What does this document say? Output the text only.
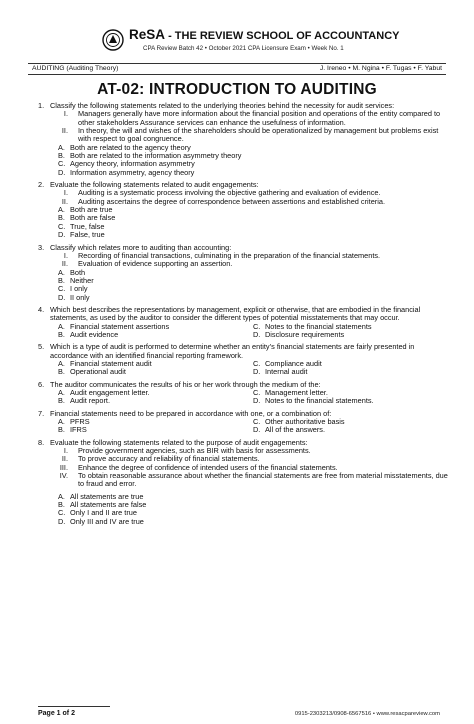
ReSA - THE REVIEW SCHOOL OF ACCOUNTANCY
CPA Review Batch 42 • October 2021 CPA Licensure Exam • Week No. 1
AUDITING (Auditing Theory)	J. Ireneo • M. Ngina • F. Tugas • F. Yabut
AT-02: INTRODUCTION TO AUDITING
1. Classify the following statements related to the underlying theories behind the necessity for audit services:
I. Managers generally have more information about the financial position and operations of the entity compared to other stakeholders Assurance services can enhance the usefulness of information.
II. In theory, the will and wishes of the shareholders should be operationalized by management but problems exist with respect to goal congruence.
A. Both are related to the agency theory
B. Both are related to the information asymmetry theory
C. Agency theory, information asymmetry
D. Information asymmetry, agency theory
2. Evaluate the following statements related to audit engagements:
I. Auditing is a systematic process involving the objective gathering and evaluation of evidence.
II. Auditing ascertains the degree of correspondence between assertions and established criteria.
A. Both are true
B. Both are false
C. True, false
D. False, true
3. Classify which relates more to auditing than accounting:
I. Recording of financial transactions, culminating in the preparation of the financial statements.
II. Evaluation of evidence supporting an assertion.
A. Both
B. Neither
C. I only
D. II only
4. Which best describes the representations by management, explicit or otherwise, that are embodied in the financial statements, as used by the auditor to consider the different types of potential misstatements that may occur.
A. Financial statement assertions	C. Notes to the financial statements
B. Audit evidence	D. Disclosure requirements
5. Which is a type of audit is performed to determine whether an entity’s financial statements are fairly presented in accordance with an identified financial reporting framework.
A. Financial statement audit	C. Compliance audit
B. Operational audit	D. Internal audit
6. The auditor communicates the results of his or her work through the medium of the:
A. Audit engagement letter.	C. Management letter.
B. Audit report.	D. Notes to the financial statements.
7. Financial statements need to be prepared in accordance with one, or a combination of:
A. PFRS	C. Other authoritative basis
B. IFRS	D. All of the answers.
8. Evaluate the following statements related to the purpose of audit engagements:
I. Provide government agencies, such as BIR with basis for assessments.
II. To prove accuracy and reliability of financial statements.
III. Enhance the degree of confidence of intended users of the financial statements.
IV. To obtain reasonable assurance about whether the financial statements are free from material misstatements, due to fraud and error.
A. All statements are true
B. All statements are false
C. Only I and II are true
D. Only III and IV are true
Page 1 of 2	0915-2303213/0908-6567516 • www.resacpareview.com
